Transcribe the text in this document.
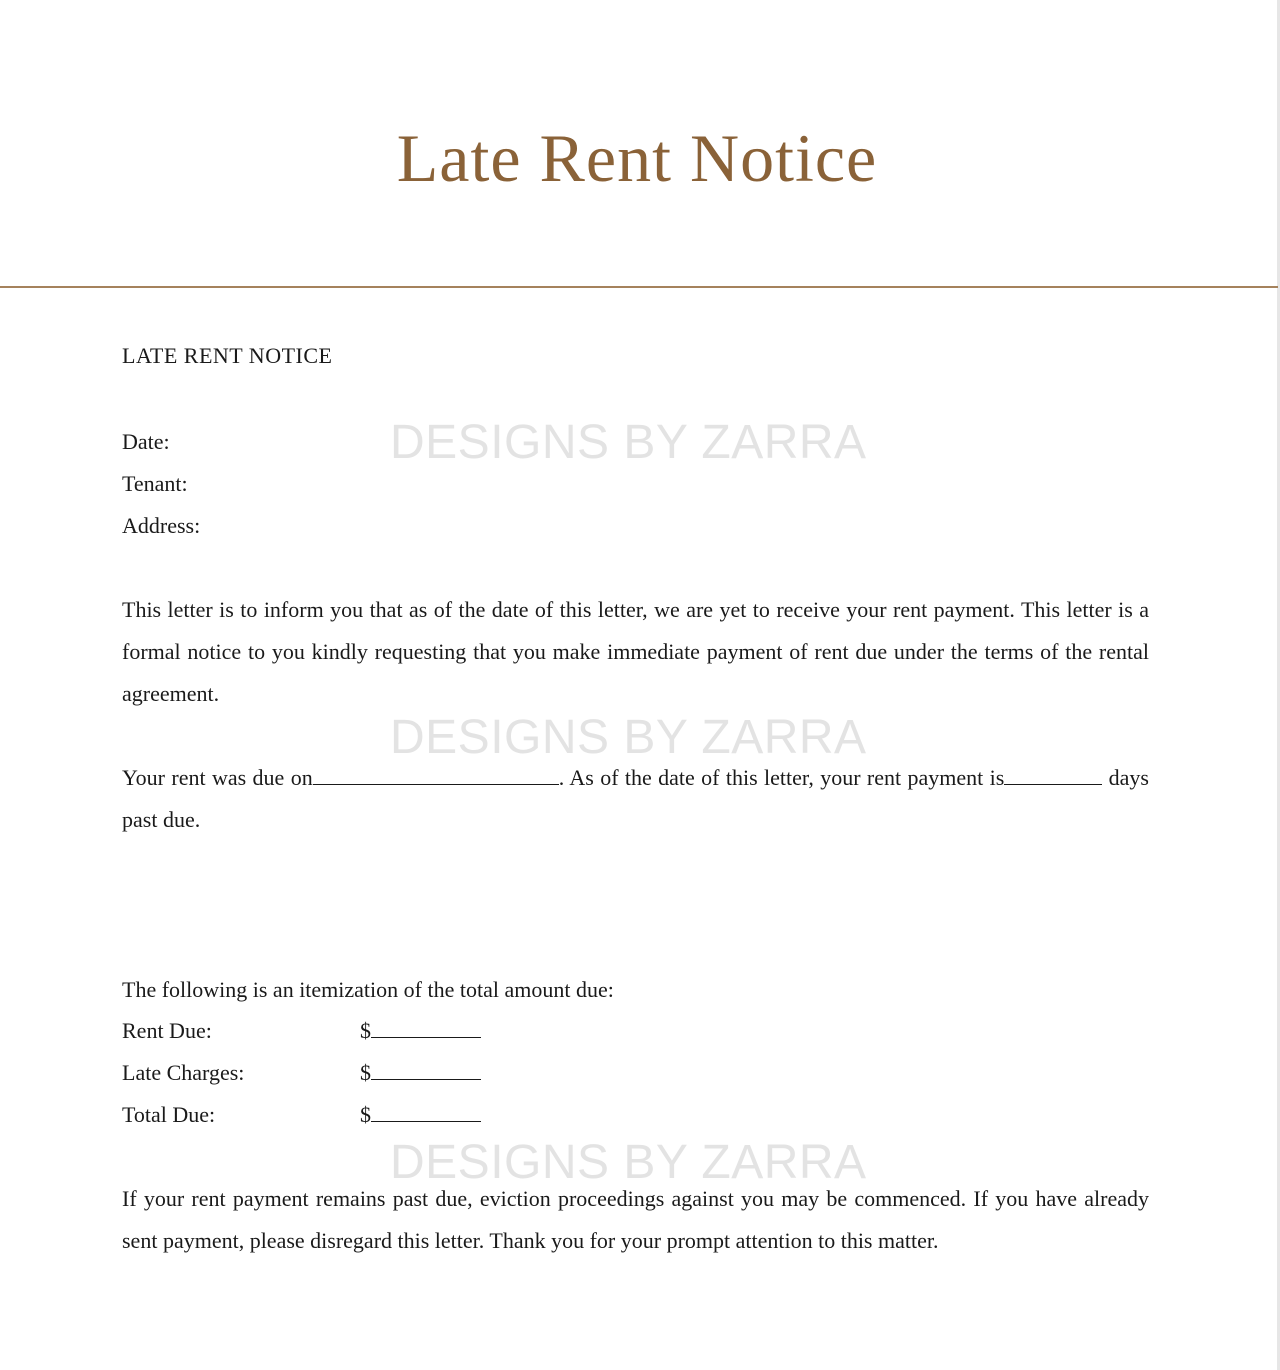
Late Rent Notice
LATE RENT NOTICE
Date:
Tenant:
Address:
This letter is to inform you that as of the date of this letter, we are yet to receive your rent payment. This letter is a formal notice to you kindly requesting that you make immediate payment of rent due under the terms of the rental agreement.
Your rent was due on	. As of the date of this letter, your rent payment is	days past due.
The following is an itemization of the total amount due:
Rent Due:	$
Late Charges:	$
Total Due:	$
If your rent payment remains past due, eviction proceedings against you may be commenced. If you have already sent payment, please disregard this letter. Thank you for your prompt attention to this matter.
DESIGNS BY ZARRA
DESIGNS BY ZARRA
DESIGNS BY ZARRA
